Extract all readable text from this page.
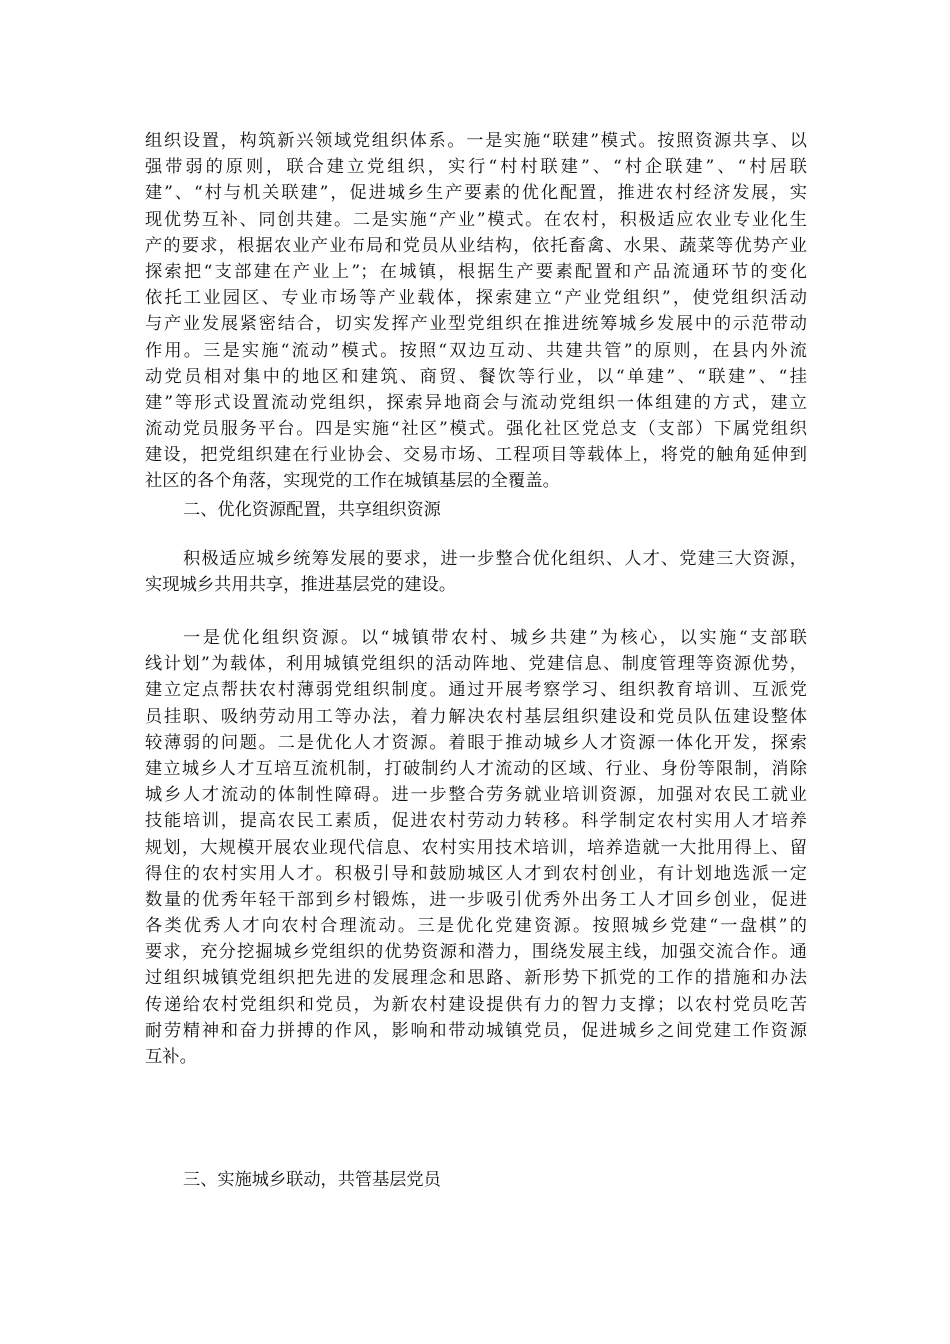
组织设置，构筑新兴领域党组织体系。一是实施“联建”模式。按照资源共享、以
强带弱的原则，联合建立党组织，实行“村村联建”、“村企联建”、“村居联
建”、“村与机关联建”，促进城乡生产要素的优化配置，推进农村经济发展，实
现优势互补、同创共建。二是实施“产业”模式。在农村，积极适应农业专业化生
产的要求，根据农业产业布局和党员从业结构，依托畜禽、水果、蔬菜等优势产业
探索把“支部建在产业上”；在城镇，根据生产要素配置和产品流通环节的变化
依托工业园区、专业市场等产业载体，探索建立“产业党组织”，使党组织活动
与产业发展紧密结合，切实发挥产业型党组织在推进统筹城乡发展中的示范带动
作用。三是实施“流动”模式。按照“双边互动、共建共管”的原则，在县内外流
动党员相对集中的地区和建筑、商贸、餐饮等行业，以“单建”、“联建”、“挂
建”等形式设置流动党组织，探索异地商会与流动党组织一体组建的方式，建立
流动党员服务平台。四是实施“社区”模式。强化社区党总支（支部）下属党组织
建设，把党组织建在行业协会、交易市场、工程项目等载体上，将党的触角延伸到
社区的各个角落，实现党的工作在城镇基层的全覆盖。
二、优化资源配置，共享组织资源
积极适应城乡统筹发展的要求，进一步整合优化组织、人才、党建三大资源，
实现城乡共用共享，推进基层党的建设。
一是优化组织资源。以“城镇带农村、城乡共建”为核心，以实施“支部联
线计划”为载体，利用城镇党组织的活动阵地、党建信息、制度管理等资源优势，
建立定点帮扶农村薄弱党组织制度。通过开展考察学习、组织教育培训、互派党
员挂职、吸纳劳动用工等办法，着力解决农村基层组织建设和党员队伍建设整体
较薄弱的问题。二是优化人才资源。着眼于推动城乡人才资源一体化开发，探索
建立城乡人才互培互流机制，打破制约人才流动的区域、行业、身份等限制，消除
城乡人才流动的体制性障碍。进一步整合劳务就业培训资源，加强对农民工就业
技能培训，提高农民工素质，促进农村劳动力转移。科学制定农村实用人才培养
规划，大规模开展农业现代信息、农村实用技术培训，培养造就一大批用得上、留
得住的农村实用人才。积极引导和鼓励城区人才到农村创业，有计划地选派一定
数量的优秀年轻干部到乡村锻炼，进一步吸引优秀外出务工人才回乡创业，促进
各类优秀人才向农村合理流动。三是优化党建资源。按照城乡党建“一盘棋”的
要求，充分挖掘城乡党组织的优势资源和潜力，围绕发展主线，加强交流合作。通
过组织城镇党组织把先进的发展理念和思路、新形势下抓党的工作的措施和办法
传递给农村党组织和党员，为新农村建设提供有力的智力支撑；以农村党员吃苦
耐劳精神和奋力拼搏的作风，影响和带动城镇党员，促进城乡之间党建工作资源
互补。
三、实施城乡联动，共管基层党员
